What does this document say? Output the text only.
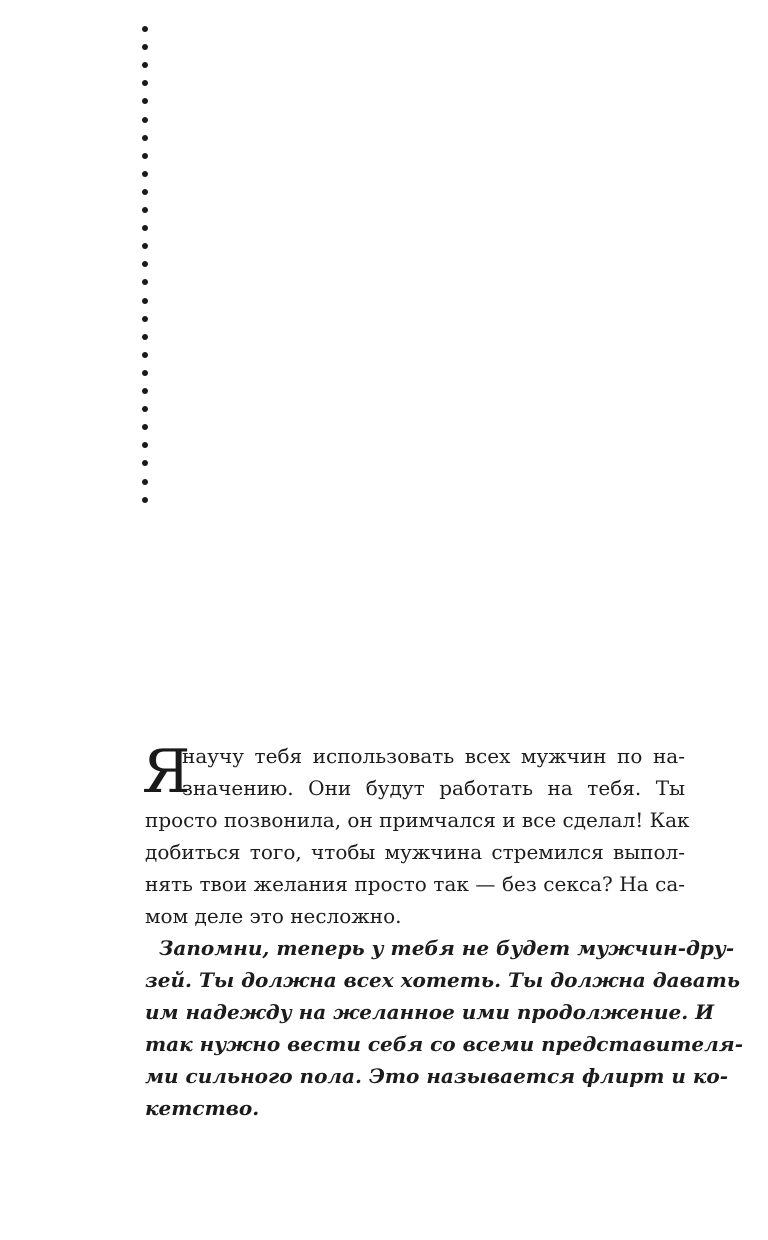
Я
научу тебя использовать всех мужчин по на-
значению. Они будут работать на тебя. Ты
просто позвонила, он примчался и все сделал! Как
добиться того, чтобы мужчина стремился выпол-
нять твои желания просто так — без секса? На са-
мом деле это несложно.
Запомни, теперь у тебя не будет мужчин-дру-
зей. Ты должна всех хотеть. Ты должна давать
им надежду на желанное ими продолжение. И
так нужно вести себя со всеми представителя-
ми сильного пола. Это называется флирт и ко-
кетство.
